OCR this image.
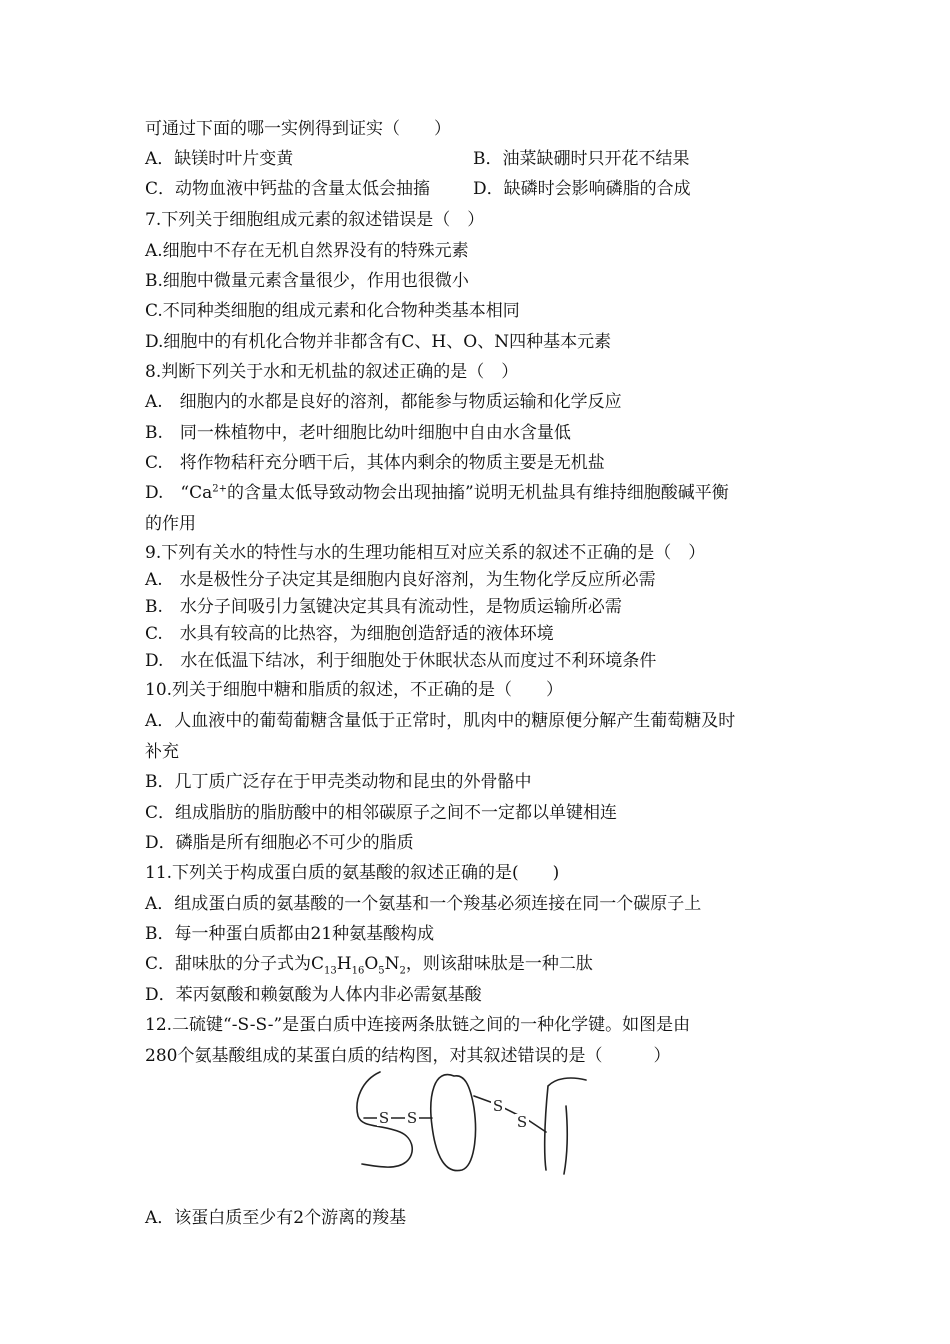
可通过下面的哪一实例得到证实（　　）
A．缺镁时叶片变黄	B．油菜缺硼时只开花不结果
C．动物血液中钙盐的含量太低会抽搐	D．缺磷时会影响磷脂的合成
7.下列关于细胞组成元素的叙述错误是（　）
A.细胞中不存在无机自然界没有的特殊元素
B.细胞中微量元素含量很少，作用也很微小
C.不同种类细胞的组成元素和化合物种类基本相同
D.细胞中的有机化合物并非都含有C、H、O、N四种基本元素
8.判断下列关于水和无机盐的叙述正确的是（　）
A.　细胞内的水都是良好的溶剂，都能参与物质运输和化学反应
B.　同一株植物中，老叶细胞比幼叶细胞中自由水含量低
C.　将作物秸秆充分晒干后，其体内剩余的物质主要是无机盐
D.　“$Ca^{2+}$的含量太低导致动物会出现抽搐”说明无机盐具有维持细胞酸碱平衡
的作用
9.下列有关水的特性与水的生理功能相互对应关系的叙述不正确的是（　）
A.　水是极性分子决定其是细胞内良好溶剂，为生物化学反应所必需
B.　水分子间吸引力氢键决定其具有流动性，是物质运输所必需
C.　水具有较高的比热容，为细胞创造舒适的液体环境
D.　水在低温下结冰，利于细胞处于休眠状态从而度过不利环境条件
10.列关于细胞中糖和脂质的叙述，不正确的是（　　）
A．人血液中的葡萄葡糖含量低于正常时，肌肉中的糖原便分解产生葡萄糖及时
补充
B．几丁质广泛存在于甲壳类动物和昆虫的外骨骼中
C．组成脂肪的脂肪酸中的相邻碳原子之间不一定都以单键相连
D．磷脂是所有细胞必不可少的脂质
11.下列关于构成蛋白质的氨基酸的叙述正确的是(　　)
A．组成蛋白质的氨基酸的一个氨基和一个羧基必须连接在同一个碳原子上
B．每一种蛋白质都由21种氨基酸构成
C．甜味肽的分子式为$C_{13}H_{16}O_5N_2$，则该甜味肽是一种二肽
D．苯丙氨酸和赖氨酸为人体内非必需氨基酸
12.二硫键“-S-S-”是蛋白质中连接两条肽链之间的一种化学键。如图是由
280个氨基酸组成的某蛋白质的结构图，对其叙述错误的是（　　　）
S S
S
S
A．该蛋白质至少有2个游离的羧基
